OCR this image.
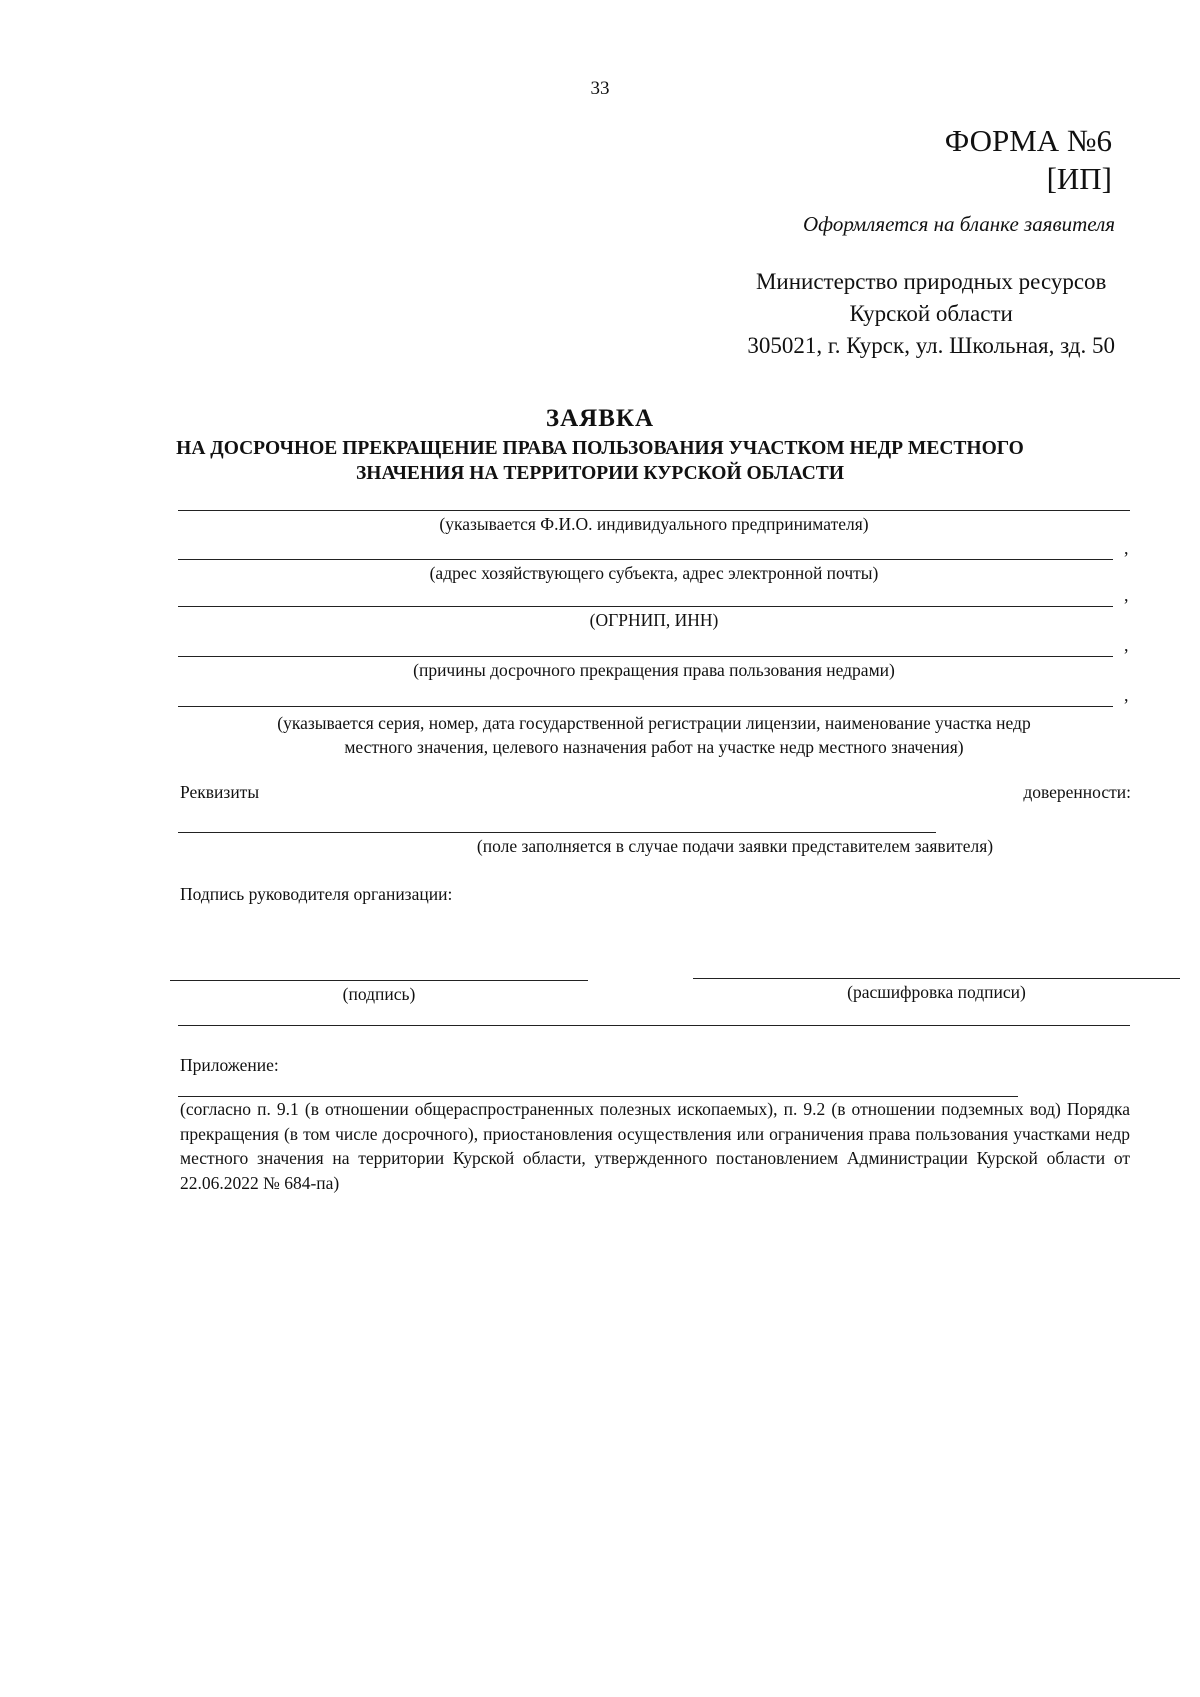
33
ФОРМА №6
[ИП]
Оформляется на бланке заявителя
Министерство природных ресурсов
Курской области
305021, г. Курск, ул. Школьная, зд. 50
ЗАЯВКА
НА ДОСРОЧНОЕ ПРЕКРАЩЕНИЕ ПРАВА ПОЛЬЗОВАНИЯ УЧАСТКОМ НЕДР МЕСТНОГО
ЗНАЧЕНИЯ НА ТЕРРИТОРИИ КУРСКОЙ ОБЛАСТИ
(указывается Ф.И.О. индивидуального предпринимателя)
,
(адрес хозяйствующего субъекта, адрес электронной почты)
,
(ОГРНИП, ИНН)
,
(причины досрочного прекращения права пользования недрами)
,
(указывается серия, номер, дата государственной регистрации лицензии, наименование участка недр
местного значения, целевого назначения работ на участке недр местного значения)
Реквизиты	доверенности:
(поле заполняется в случае подачи заявки представителем заявителя)
Подпись руководителя организации:
(подпись)	(расшифровка подписи)
Приложение:
(согласно п. 9.1 (в отношении общераспространенных полезных ископаемых), п. 9.2 (в отношении подземных вод) Порядка прекращения (в том числе досрочного), приостановления осуществления или ограничения права пользования участками недр местного значения на территории Курской области, утвержденного постановлением Администрации Курской области от 22.06.2022 № 684-па)
